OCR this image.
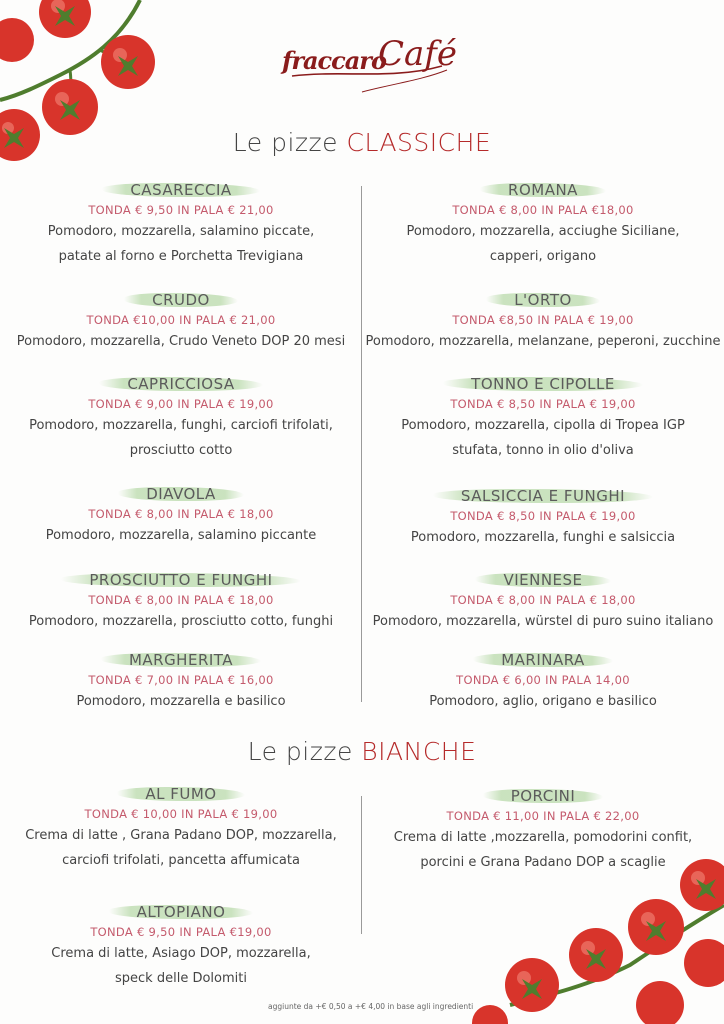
fraccaro
Café
Le pizze CLASSICHE
CASARECCIA
TONDA € 9,50 IN PALA € 21,00
Pomodoro, mozzarella, salamino piccate,
patate al forno e Porchetta Trevigiana
CRUDO
TONDA €10,00 IN PALA € 21,00
Pomodoro, mozzarella, Crudo Veneto DOP 20 mesi
CAPRICCIOSA
TONDA € 9,00 IN PALA € 19,00
Pomodoro, mozzarella, funghi, carciofi trifolati,
prosciutto cotto
DIAVOLA
TONDA € 8,00 IN PALA € 18,00
Pomodoro, mozzarella, salamino piccante
PROSCIUTTO E FUNGHI
TONDA € 8,00 IN PALA € 18,00
Pomodoro, mozzarella, prosciutto cotto, funghi
MARGHERITA
TONDA € 7,00 IN PALA € 16,00
Pomodoro, mozzarella e basilico
ROMANA
TONDA € 8,00 IN PALA €18,00
Pomodoro, mozzarella, acciughe Siciliane,
capperi, origano
L'ORTO
TONDA €8,50 IN PALA € 19,00
Pomodoro, mozzarella, melanzane, peperoni, zucchine
TONNO E CIPOLLE
TONDA € 8,50 IN PALA € 19,00
Pomodoro, mozzarella, cipolla di Tropea IGP
stufata, tonno in olio d'oliva
SALSICCIA E FUNGHI
TONDA € 8,50 IN PALA € 19,00
Pomodoro, mozzarella, funghi e salsiccia
VIENNESE
TONDA € 8,00 IN PALA € 18,00
Pomodoro, mozzarella, würstel di puro suino italiano
MARINARA
TONDA € 6,00 IN PALA 14,00
Pomodoro, aglio, origano e basilico
Le pizze BIANCHE
AL FUMO
TONDA € 10,00 IN PALA € 19,00
Crema di latte , Grana Padano DOP, mozzarella,
carciofi trifolati, pancetta affumicata
ALTOPIANO
TONDA € 9,50 IN PALA €19,00
Crema di latte, Asiago DOP, mozzarella,
speck delle Dolomiti
PORCINI
TONDA € 11,00 IN PALA € 22,00
Crema di latte ,mozzarella, pomodorini confit,
porcini e Grana Padano DOP a scaglie
aggiunte da +€ 0,50 a +€ 4,00 in base agli ingredienti
